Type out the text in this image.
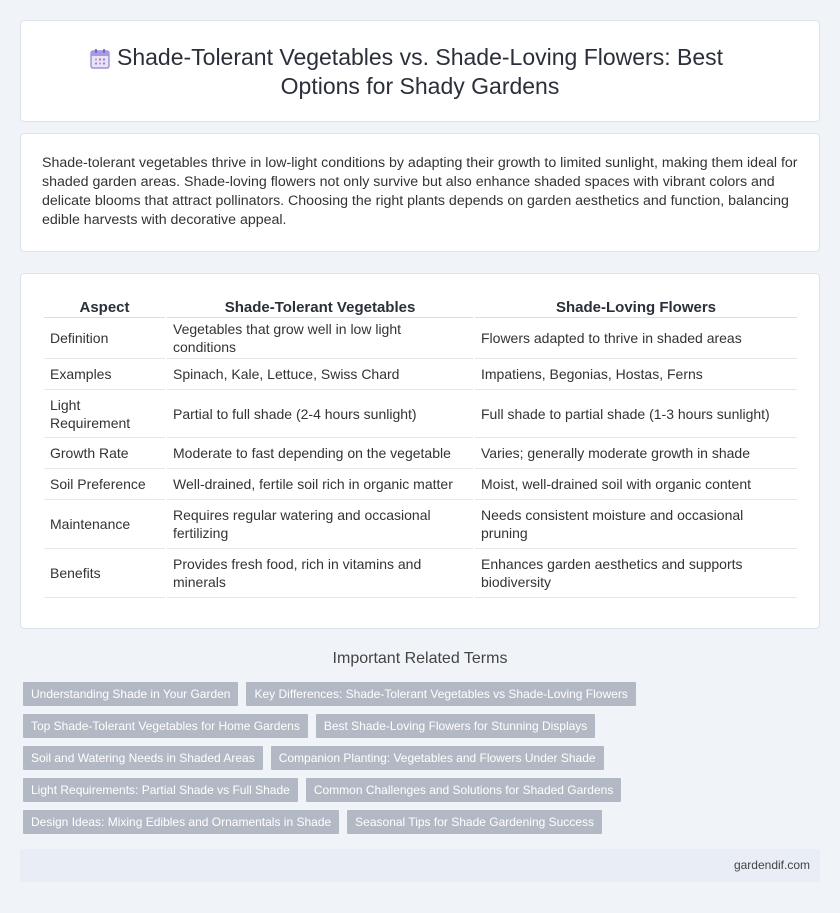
Shade-Tolerant Vegetables vs. Shade-Loving Flowers: Best Options for Shady Gardens

Shade-tolerant vegetables thrive in low-light conditions by adapting their growth to limited sunlight, making them ideal for shaded garden areas. Shade-loving flowers not only survive but also enhance shaded spaces with vibrant colors and delicate blooms that attract pollinators. Choosing the right plants depends on garden aesthetics and function, balancing edible harvests with decorative appeal.

Aspect	Shade-Tolerant Vegetables	Shade-Loving Flowers
Definition	Vegetables that grow well in low light conditions	Flowers adapted to thrive in shaded areas
Examples	Spinach, Kale, Lettuce, Swiss Chard	Impatiens, Begonias, Hostas, Ferns
Light Requirement	Partial to full shade (2-4 hours sunlight)	Full shade to partial shade (1-3 hours sunlight)
Growth Rate	Moderate to fast depending on the vegetable	Varies; generally moderate growth in shade
Soil Preference	Well-drained, fertile soil rich in organic matter	Moist, well-drained soil with organic content
Maintenance	Requires regular watering and occasional fertilizing	Needs consistent moisture and occasional pruning
Benefits	Provides fresh food, rich in vitamins and minerals	Enhances garden aesthetics and supports biodiversity
Important Related Terms
Understanding Shade in Your Garden	Key Differences: Shade-Tolerant Vegetables vs Shade-Loving Flowers
Top Shade-Tolerant Vegetables for Home Gardens	Best Shade-Loving Flowers for Stunning Displays
Soil and Watering Needs in Shaded Areas	Companion Planting: Vegetables and Flowers Under Shade
Light Requirements: Partial Shade vs Full Shade	Common Challenges and Solutions for Shaded Gardens
Design Ideas: Mixing Edibles and Ornamentals in Shade	Seasonal Tips for Shade Gardening Success
gardendif.com
